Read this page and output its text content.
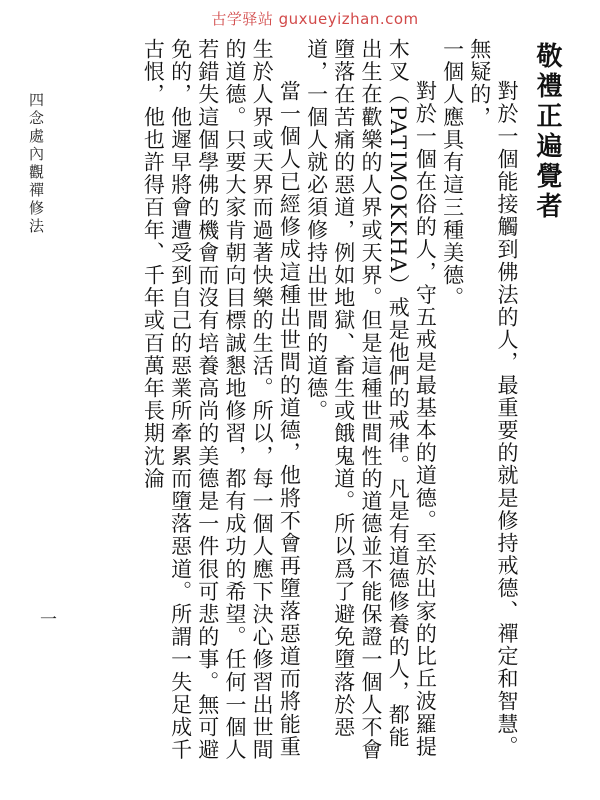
古学驿站 guxueyizhan.com
敬禮正遍覺者

對於一個能接觸到佛法的人，最重要的就是修持戒德、禪定和智慧。無疑的，

一個人應具有這三種美德。

對於一個在俗的人，守五戒是最基本的道德。至於出家的比丘波羅提木叉（PATIMOKKHA）戒是他們的戒律。凡是有道德修養的人，都能出生在歡樂的人界或天界。但是這種世間性的道德並不能保證一個人不會墮落在苦痛的惡道，例如地獄、畜生或餓鬼道。所以爲了避免墮落於惡道，一個人就必須修持出世間的道德。

當一個人已經修成這種出世間的道德，他將不會再墮落惡道而將能重生於人界或天界而過著快樂的生活。所以，每一個人應下決心修習出世間的道德。只要大家肯朝向目標誠懇地修習，都有成功的希望。任何一個人若錯失這個學佛的機會而沒有培養高尚的美德是一件很可悲的事。無可避免的，他遲早將會遭受到自己的惡業所牽累而墮落惡道。所謂一失足成千古恨，他也許得百年、千年或百萬年長期沈淪

四念處內觀禪修法
一
